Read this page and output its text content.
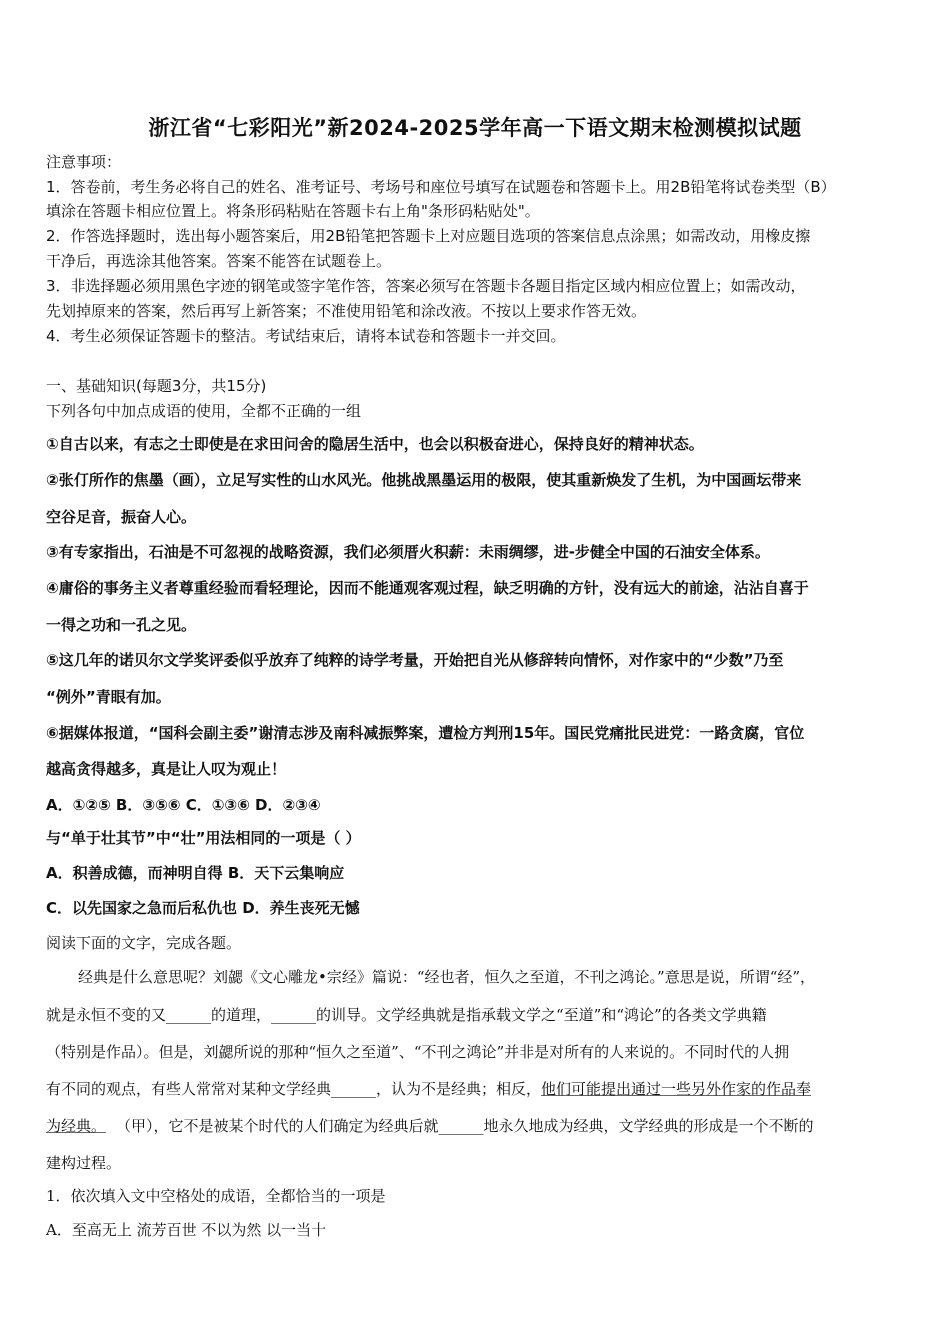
浙江省“七彩阳光”新2024-2025学年高一下语文期末检测模拟试题
注意事项：
1．答卷前，考生务必将自己的姓名、准考证号、考场号和座位号填写在试题卷和答题卡上。用2B铅笔将试卷类型（B）
填涂在答题卡相应位置上。将条形码粘贴在答题卡右上角"条形码粘贴处"。
2．作答选择题时，选出每小题答案后，用2B铅笔把答题卡上对应题目选项的答案信息点涂黑；如需改动，用橡皮擦
干净后，再选涂其他答案。答案不能答在试题卷上。
3．非选择题必须用黑色字迹的钢笔或签字笔作答，答案必须写在答题卡各题目指定区域内相应位置上；如需改动，
先划掉原来的答案，然后再写上新答案；不准使用铅笔和涂改液。不按以上要求作答无效。
4．考生必须保证答题卡的整洁。考试结束后，请将本试卷和答题卡一并交回。
一、基础知识(每题3分，共15分)
下列各句中加点成语的使用，全都不正确的一组
①自古以来，有志之士即使是在求田问舍的隐居生活中，也会以积极奋进心，保持良好的精神状态。
②张仃所作的焦墨（画），立足写实性的山水风光。他挑战黑墨运用的极限，使其重新焕发了生机，为中国画坛带来
空谷足音，振奋人心。
③有专家指出，石油是不可忽视的战略资源，我们必须厝火积薪：未雨绸缪，进-步健全中国的石油安全体系。
④庸俗的事务主义者尊重经验而看轻理论，因而不能通观客观过程，缺乏明确的方针，没有远大的前途，沾沾自喜于
一得之功和一孔之见。
⑤这几年的诺贝尔文学奖评委似乎放弃了纯粹的诗学考量，开始把自光从修辞转向情怀，对作家中的“少数”乃至
“例外”青眼有加。
⑥据媒体报道，“国科会副主委”谢清志涉及南科减振弊案，遭检方判刑15年。国民党痛批民进党：一路贪腐，官位
越高贪得越多，真是让人叹为观止！
A．①②⑤ B．③⑤⑥ C．①③⑥ D．②③④
与“单于壮其节”中“壮”用法相同的一项是（ ）
A．积善成德，而神明自得 B．天下云集响应
C．以先国家之急而后私仇也 D．养生丧死无憾
阅读下面的文字，完成各题。
经典是什么意思呢？刘勰《文心雕龙•宗经》篇说：“经也者，恒久之至道，不刊之鸿论。”意思是说，所谓“经”，
就是永恒不变的又______的道理，______的训导。文学经典就是指承载文学之“至道”和“鸿论”的各类文学典籍
（特别是作品）。但是，刘勰所说的那种“恒久之至道”、“不刊之鸿论”并非是对所有的人来说的。不同时代的人拥
有不同的观点，有些人常常对某种文学经典______，认为不是经典；相反，他们可能提出通过一些另外作家的作品奉
为经典。 （甲），它不是被某个时代的人们确定为经典后就______地永久地成为经典，文学经典的形成是一个不断的
建构过程。
1．依次填入文中空格处的成语，全都恰当的一项是
A．至高无上 流芳百世 不以为然 以一当十
